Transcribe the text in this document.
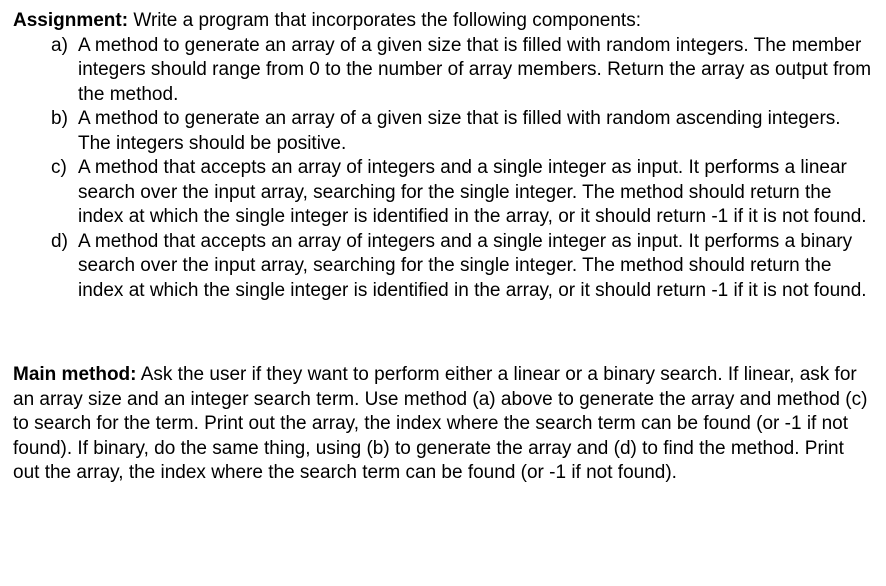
Assignment: Write a program that incorporates the following components:

a) A method to generate an array of a given size that is filled with random integers. The member integers should range from 0 to the number of array members. Return the array as output from the method.
b) A method to generate an array of a given size that is filled with random ascending integers. The integers should be positive.
c) A method that accepts an array of integers and a single integer as input. It performs a linear search over the input array, searching for the single integer. The method should return the index at which the single integer is identified in the array, or it should return -1 if it is not found.
d) A method that accepts an array of integers and a single integer as input. It performs a binary search over the input array, searching for the single integer. The method should return the index at which the single integer is identified in the array, or it should return -1 if it is not found.

Main method: Ask the user if they want to perform either a linear or a binary search. If linear, ask for an array size and an integer search term. Use method (a) above to generate the array and method (c) to search for the term. Print out the array, the index where the search term can be found (or -1 if not found). If binary, do the same thing, using (b) to generate the array and (d) to find the method. Print out the array, the index where the search term can be found (or -1 if not found).
